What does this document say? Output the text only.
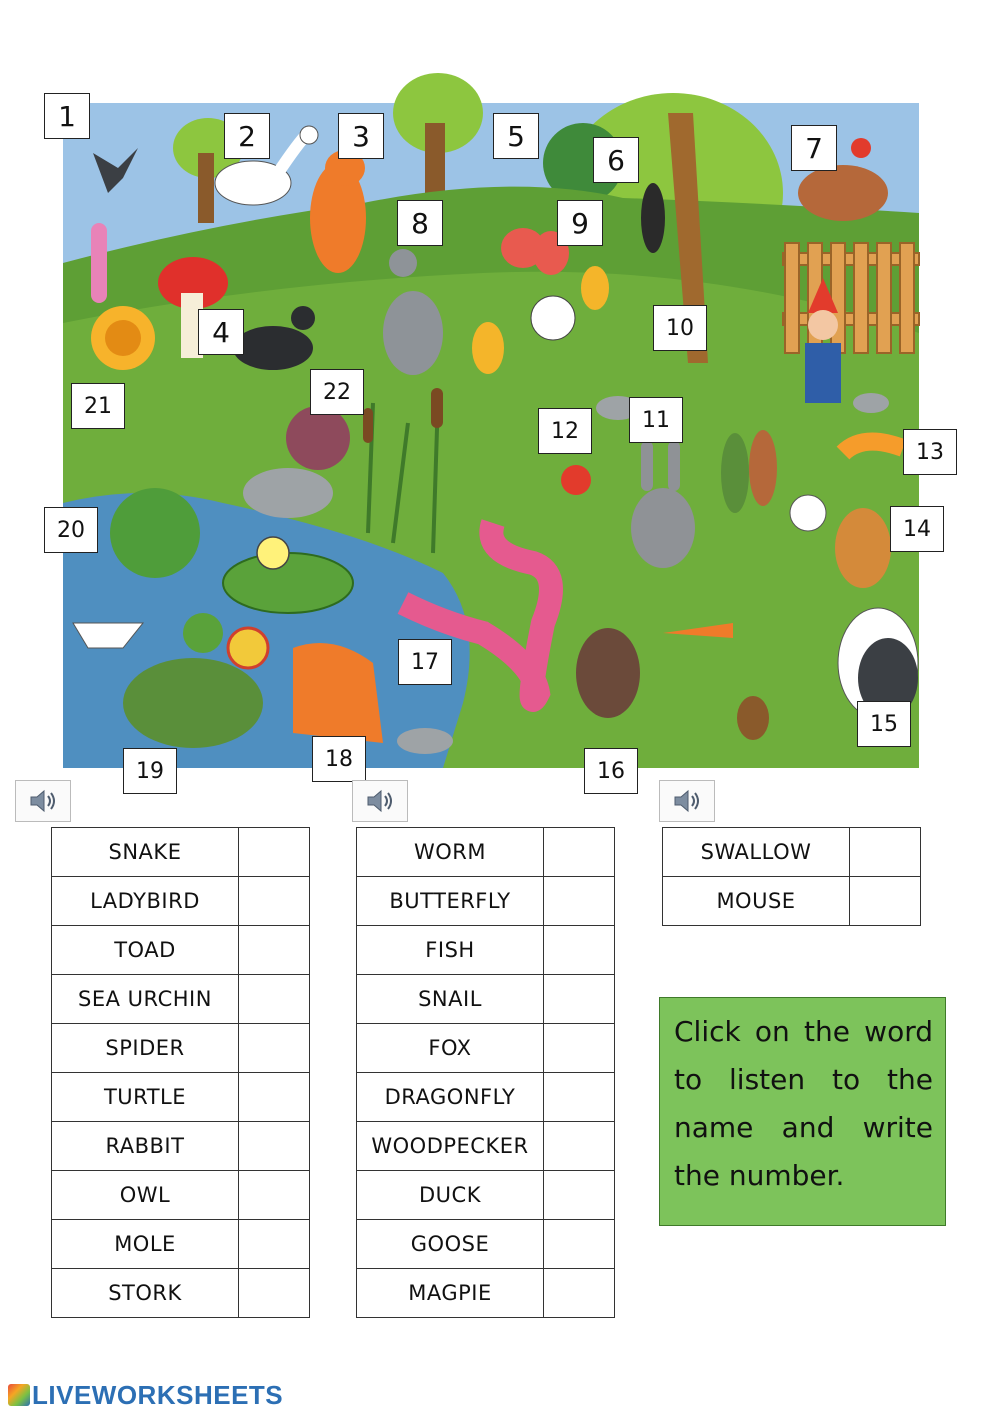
1
2	3
4
5
6	7
8	9
10
11
12
22
21
20
17
15
13
14
16
18
19
SNAKE	
LADYBIRD	
TOAD	
SEA URCHIN	
SPIDER	
TURTLE	
RABBIT	
OWL	
MOLE	
STORK	
WORM	
BUTTERFLY	
FISH	
SNAIL	
FOX	
DRAGONFLY	
WOODPECKER	
DUCK	
GOOSE	
MAGPIE	
SWALLOW	
MOUSE	
Click on the word to listen to the name and write the number.
LIVEWORKSHEETS
